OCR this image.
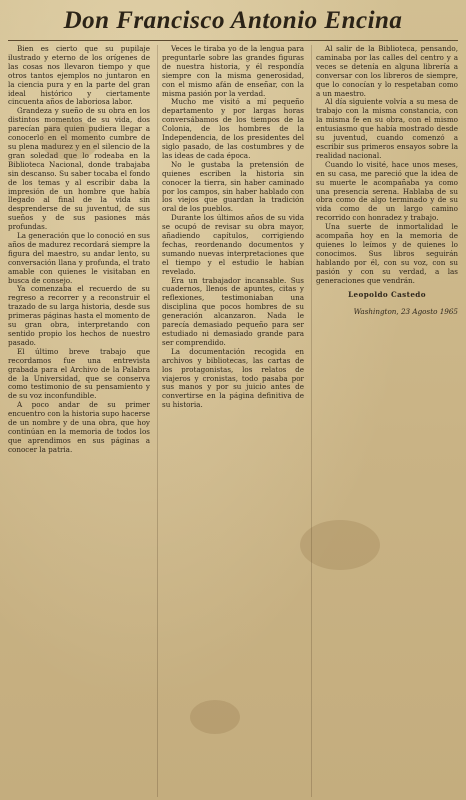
Don Francisco Antonio Encina

Bien es cierto que su pupilaje ilustrado y eterno de los orígenes de las cosas nos llevaron tiempo y que otros tantos ejemplos no juntaron en la ciencia pura y en la parte del gran ideal histórico y ciertamente cincuenta años de laboriosa labor.

Grandeza y sueño de su obra en los distintos momentos de su vida, dos parecían para quien pudiera llegar a conocerlo en el momento cumbre de su plena madurez y en el silencio de la gran soledad que lo rodeaba en la Biblioteca Nacional, donde trabajaba sin descanso. Su saber tocaba el fondo de los temas y al escribir daba la impresión de un hombre que había llegado al final de la vida sin desprenderse de su juventud, de sus sueños y de sus pasiones más profundas.

La generación que lo conoció en sus años de madurez recordará siempre la figura del maestro, su andar lento, su conversación llana y profunda, el trato amable con quienes le visitaban en busca de consejo.

Ya comenzaba el recuerdo de su regreso a recorrer y a reconstruir el trazado de su larga historia, desde sus primeras páginas hasta el momento de su gran obra, interpretando con sentido propio los hechos de nuestro pasado.

El último breve trabajo que recordamos fue una entrevista grabada para el Archivo de la Palabra de la Universidad, que se conserva como testimonio de su pensamiento y de su voz inconfundible.

A poco andar de su primer encuentro con la historia supo hacerse de un nombre y de una obra, que hoy continúan en la memoria de todos los que aprendimos en sus páginas a conocer la patria.

Veces le tiraba yo de la lengua para preguntarle sobre las grandes figuras de nuestra historia, y él respondía siempre con la misma generosidad, con el mismo afán de enseñar, con la misma pasión por la verdad.

Mucho me visitó a mí pequeño departamento y por largas horas conversábamos de los tiempos de la Colonia, de los hombres de la Independencia, de los presidentes del siglo pasado, de las costumbres y de las ideas de cada época.

No le gustaba la pretensión de quienes escriben la historia sin conocer la tierra, sin haber caminado por los campos, sin haber hablado con los viejos que guardan la tradición oral de los pueblos.

Durante los últimos años de su vida se ocupó de revisar su obra mayor, añadiendo capítulos, corrigiendo fechas, reordenando documentos y sumando nuevas interpretaciones que el tiempo y el estudio le habían revelado.

Era un trabajador incansable. Sus cuadernos, llenos de apuntes, citas y reflexiones, testimoniaban una disciplina que pocos hombres de su generación alcanzaron. Nada le parecía demasiado pequeño para ser estudiado ni demasiado grande para ser comprendido.

La documentación recogida en archivos y bibliotecas, las cartas de los protagonistas, los relatos de viajeros y cronistas, todo pasaba por sus manos y por su juicio antes de convertirse en la página definitiva de su historia.

Al salir de la Biblioteca, pensando, caminaba por las calles del centro y a veces se detenía en alguna librería a conversar con los libreros de siempre, que lo conocían y lo respetaban como a un maestro.

Al día siguiente volvía a su mesa de trabajo con la misma constancia, con la misma fe en su obra, con el mismo entusiasmo que había mostrado desde su juventud, cuando comenzó a escribir sus primeros ensayos sobre la realidad nacional.

Cuando lo visité, hace unos meses, en su casa, me pareció que la idea de su muerte le acompañaba ya como una presencia serena. Hablaba de su obra como de algo terminado y de su vida como de un largo camino recorrido con honradez y trabajo.

Una suerte de inmortalidad le acompaña hoy en la memoria de quienes lo leímos y de quienes lo conocimos. Sus libros seguirán hablando por él, con su voz, con su pasión y con su verdad, a las generaciones que vendrán.

Leopoldo Castedo
Washington, 23 Agosto 1965
